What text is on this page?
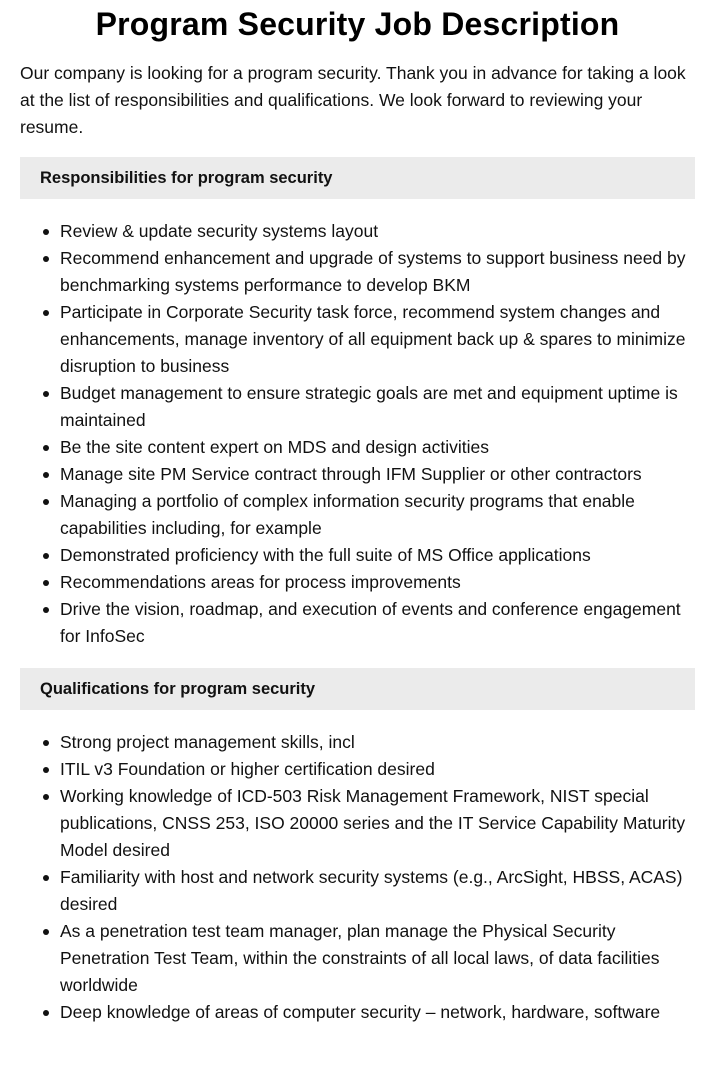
Program Security Job Description

Our company is looking for a program security. Thank you in advance for taking a look at the list of responsibilities and qualifications. We look forward to reviewing your resume.

Responsibilities for program security
Review & update security systems layout
Recommend enhancement and upgrade of systems to support business need by benchmarking systems performance to develop BKM
Participate in Corporate Security task force, recommend system changes and enhancements, manage inventory of all equipment back up & spares to minimize disruption to business
Budget management to ensure strategic goals are met and equipment uptime is maintained
Be the site content expert on MDS and design activities
Manage site PM Service contract through IFM Supplier or other contractors
Managing a portfolio of complex information security programs that enable capabilities including, for example
Demonstrated proficiency with the full suite of MS Office applications
Recommendations areas for process improvements
Drive the vision, roadmap, and execution of events and conference engagement for InfoSec
Qualifications for program security
Strong project management skills, incl
ITIL v3 Foundation or higher certification desired
Working knowledge of ICD-503 Risk Management Framework, NIST special publications, CNSS 253, ISO 20000 series and the IT Service Capability Maturity Model desired
Familiarity with host and network security systems (e.g., ArcSight, HBSS, ACAS) desired
As a penetration test team manager, plan manage the Physical Security Penetration Test Team, within the constraints of all local laws, of data facilities worldwide
Deep knowledge of areas of computer security – network, hardware, software
